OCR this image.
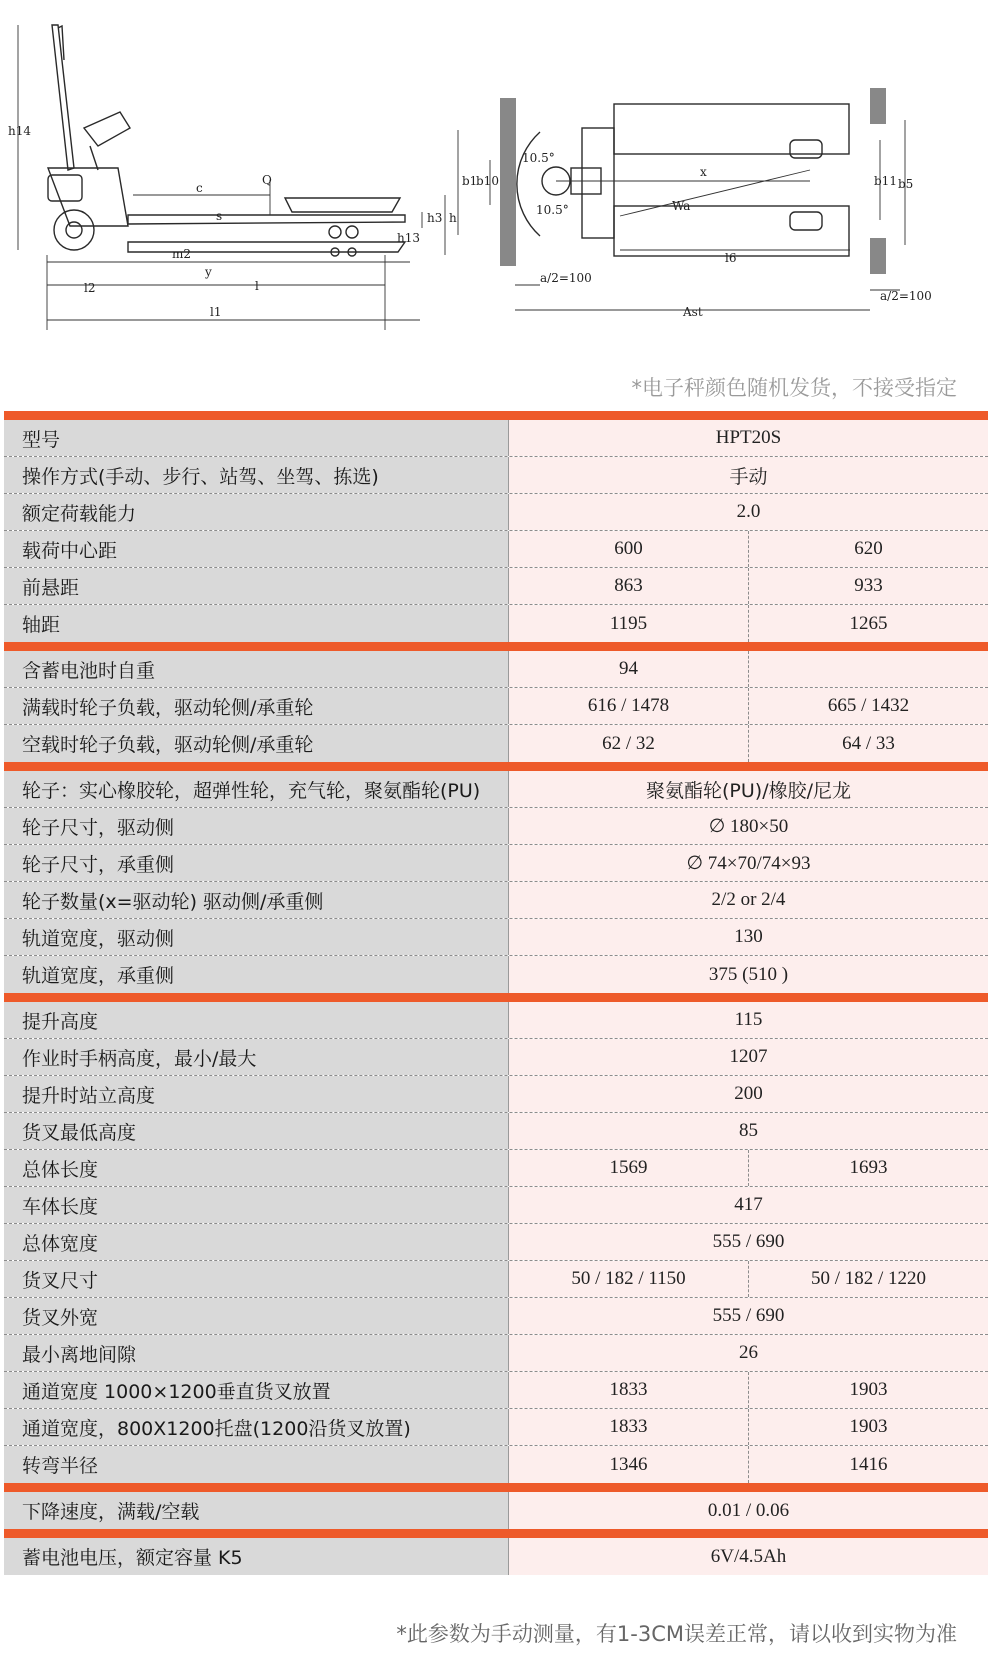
h14
c
Q
s	h3 h
m2
y
l
h13
l2
l1
b1
b10	b11 b5
10.5°
10.5°
x
Wa
l6
a/2=100
a/2=100
Ast
*电子秤颜色随机发货，不接受指定
型号	HPT20S
操作方式(手动、步行、站驾、坐驾、拣选)	手动
额定荷载能力	2.0
载荷中心距	600	620
前悬距	863	933
轴距	1195	1265
含蓄电池时自重	94
满载时轮子负载，驱动轮侧/承重轮	616 / 1478	665 / 1432
空载时轮子负载，驱动轮侧/承重轮	62 / 32	64 / 33
轮子：实心橡胶轮，超弹性轮，充气轮，聚氨酯轮(PU)	聚氨酯轮(PU)/橡胶/尼龙
轮子尺寸，驱动侧	∅ 180×50
轮子尺寸，承重侧	∅ 74×70/74×93
轮子数量(x=驱动轮) 驱动侧/承重侧	2/2 or 2/4
轨道宽度，驱动侧	130
轨道宽度，承重侧	375 (510 )
提升高度	115
作业时手柄高度，最小/最大	1207
提升时站立高度	200
货叉最低高度	85
总体长度	1569	1693
车体长度	417
总体宽度	555 / 690
货叉尺寸	50 / 182 / 1150	50 / 182 / 1220
货叉外宽	555 / 690
最小离地间隙	26
通道宽度 1000×1200垂直货叉放置	1833	1903
通道宽度，800X1200托盘(1200沿货叉放置)	1833	1903
转弯半径	1346	1416
下降速度，满载/空载	0.01 / 0.06
蓄电池电压，额定容量 K5	6V/4.5Ah
*此参数为手动测量，有1-3CM误差正常，请以收到实物为准
